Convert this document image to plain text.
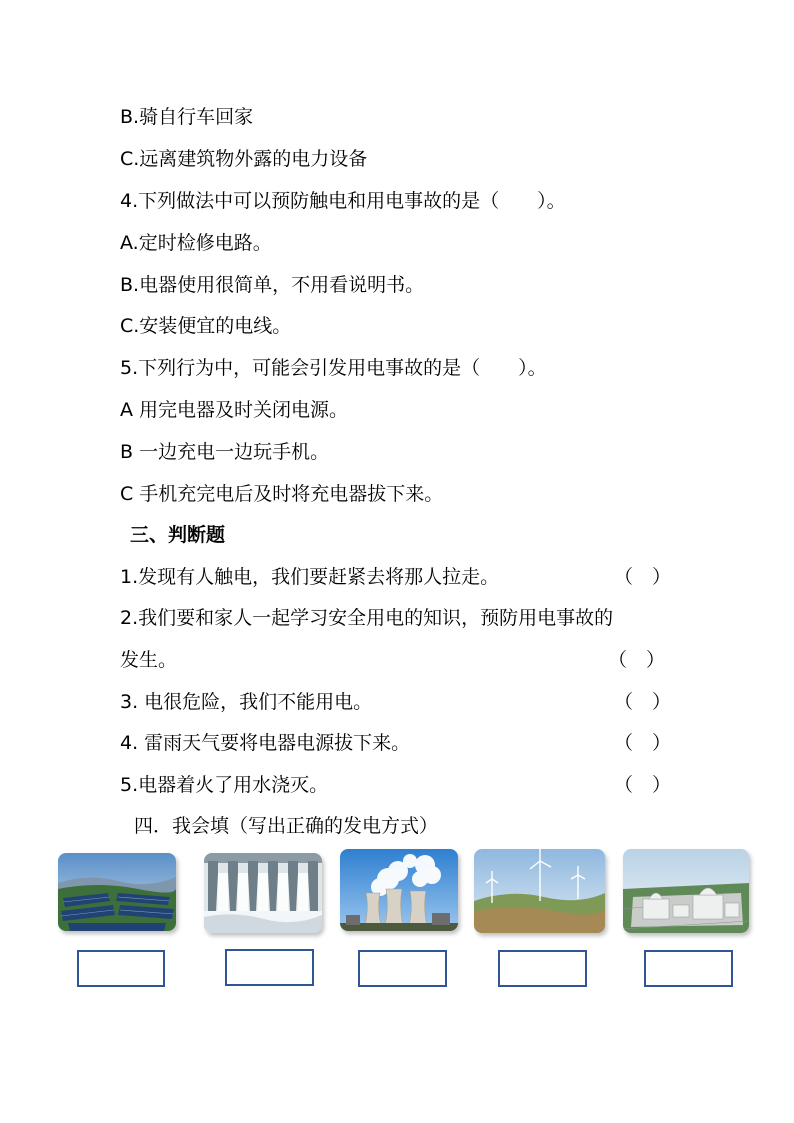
B.骑自行车回家
C.远离建筑物外露的电力设备
4.下列做法中可以预防触电和用电事故的是（　　）。
A.定时检修电路。
B.电器使用很简单，不用看说明书。
C.安装便宜的电线。
5.下列行为中，可能会引发用电事故的是（　　）。
A 用完电器及时关闭电源。
B 一边充电一边玩手机。
C 手机充完电后及时将充电器拔下来。
三、判断题
1.发现有人触电，我们要赶紧去将那人拉走。	（　）
2.我们要和家人一起学习安全用电的知识，预防用电事故的
发生。	（　）
3. 电很危险，我们不能用电。	（　）
4. 雷雨天气要将电器电源拔下来。	（　）
5.电器着火了用水浇灭。	（　）
四．我会填（写出正确的发电方式）
